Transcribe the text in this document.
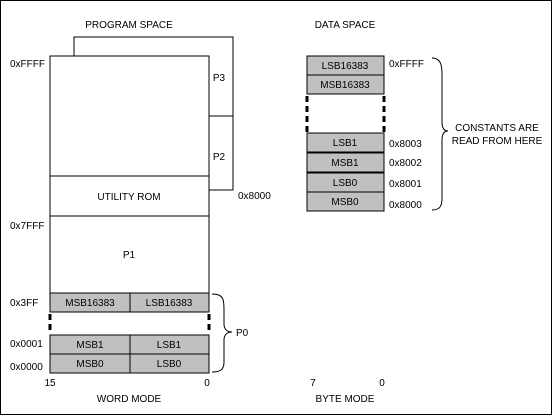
PROGRAM SPACE
P3
P2
UTILITY ROM
P1
0xFFFF
0x8000
0x7FFF
0x3FF
0x0001
0x0000
MSB16383	LSB16383
MSB1	LSB1
MSB0	LSB0
P0
15	0
WORD MODE
DATA SPACE
LSB16383
MSB16383
LSB1
MSB1
LSB0
MSB0
0xFFFF
0x8003
0x8002
0x8001
0x8000
CONSTANTS ARE
READ FROM HERE
7	0
BYTE MODE
